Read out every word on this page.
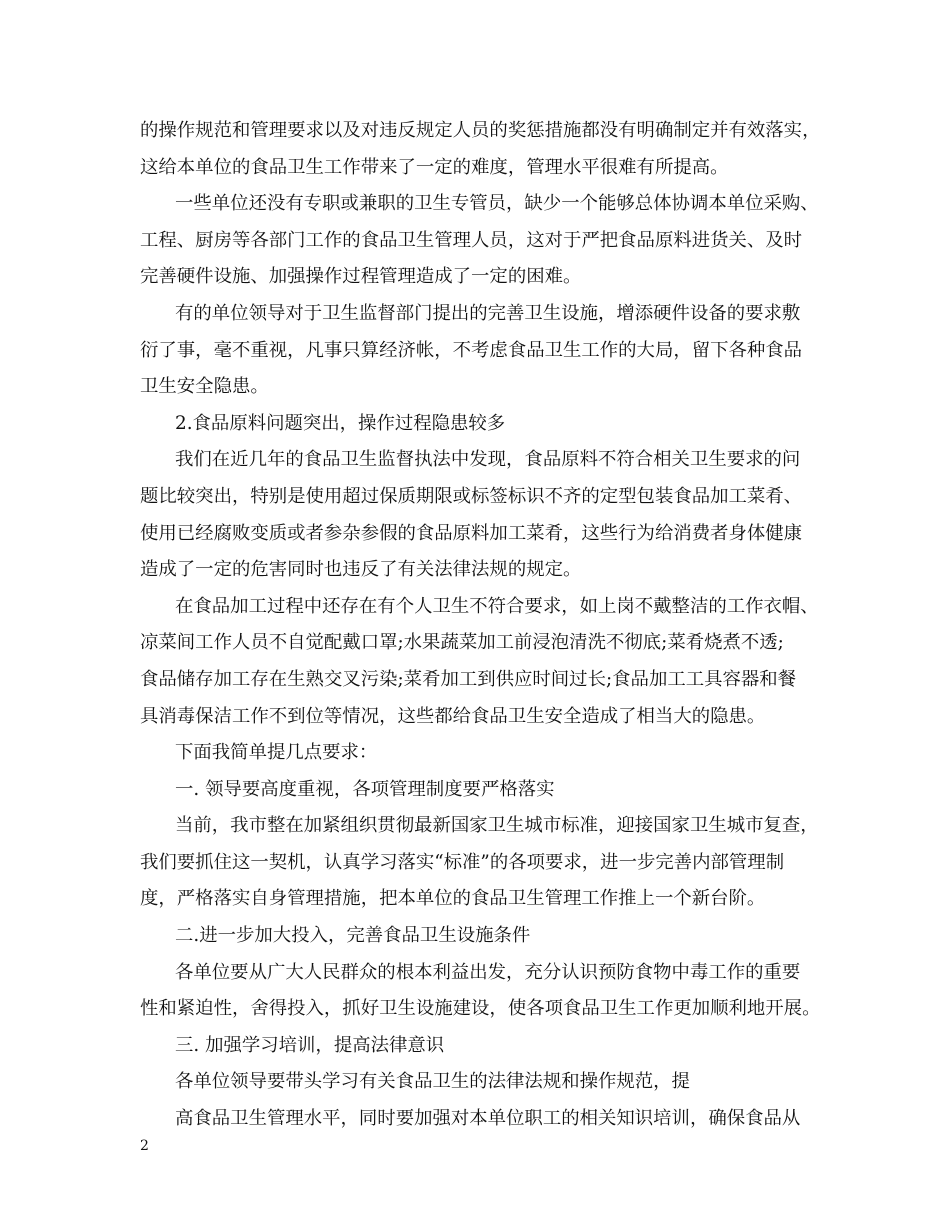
的操作规范和管理要求以及对违反规定人员的奖惩措施都没有明确制定并有效落实，
这给本单位的食品卫生工作带来了一定的难度，管理水平很难有所提高。
一些单位还没有专职或兼职的卫生专管员，缺少一个能够总体协调本单位采购、
工程、厨房等各部门工作的食品卫生管理人员，这对于严把食品原料进货关、及时
完善硬件设施、加强操作过程管理造成了一定的困难。
有的单位领导对于卫生监督部门提出的完善卫生设施，增添硬件设备的要求敷
衍了事，毫不重视，凡事只算经济帐，不考虑食品卫生工作的大局，留下各种食品
卫生安全隐患。
2.食品原料问题突出，操作过程隐患较多
我们在近几年的食品卫生监督执法中发现，食品原料不符合相关卫生要求的问
题比较突出，特别是使用超过保质期限或标签标识不齐的定型包装食品加工菜肴、
使用已经腐败变质或者参杂参假的食品原料加工菜肴，这些行为给消费者身体健康
造成了一定的危害同时也违反了有关法律法规的规定。
在食品加工过程中还存在有个人卫生不符合要求，如上岗不戴整洁的工作衣帽、
凉菜间工作人员不自觉配戴口罩;水果蔬菜加工前浸泡清洗不彻底;菜肴烧煮不透;
食品储存加工存在生熟交叉污染;菜肴加工到供应时间过长;食品加工工具容器和餐
具消毒保洁工作不到位等情况，这些都给食品卫生安全造成了相当大的隐患。
下面我简单提几点要求：
一. 领导要高度重视，各项管理制度要严格落实
当前，我市整在加紧组织贯彻最新国家卫生城市标准，迎接国家卫生城市复查，
我们要抓住这一契机，认真学习落实“标准”的各项要求，进一步完善内部管理制
度，严格落实自身管理措施，把本单位的食品卫生管理工作推上一个新台阶。
二.进一步加大投入，完善食品卫生设施条件
各单位要从广大人民群众的根本利益出发，充分认识预防食物中毒工作的重要
性和紧迫性，舍得投入，抓好卫生设施建设，使各项食品卫生工作更加顺利地开展。
三. 加强学习培训，提高法律意识
各单位领导要带头学习有关食品卫生的法律法规和操作规范，提
高食品卫生管理水平，同时要加强对本单位职工的相关知识培训，确保食品从
2
